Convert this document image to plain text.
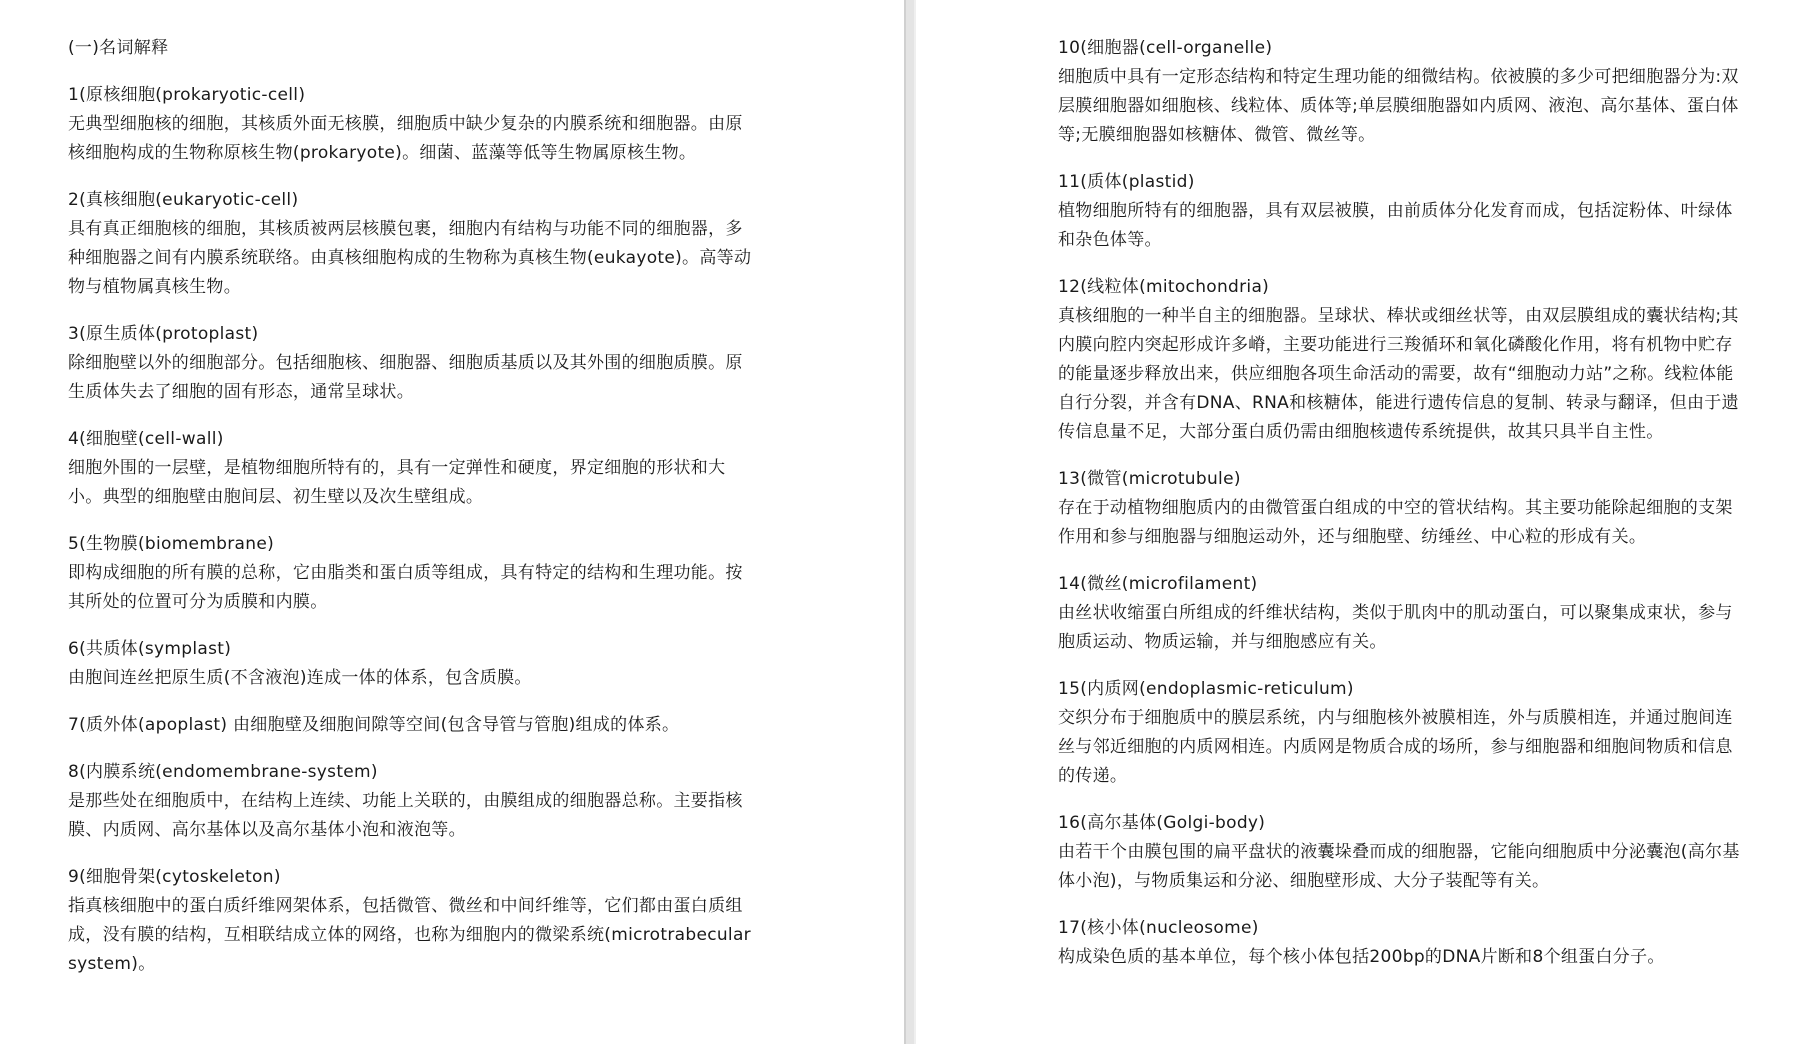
(一)名词解释
1(原核细胞(prokaryotic-cell)
无典型细胞核的细胞，其核质外面无核膜，细胞质中缺少复杂的内膜系统和细胞器。由原核细胞构成的生物称原核生物(prokaryote)。细菌、蓝藻等低等生物属原核生物。
2(真核细胞(eukaryotic-cell)
具有真正细胞核的细胞，其核质被两层核膜包裹，细胞内有结构与功能不同的细胞器，多种细胞器之间有内膜系统联络。由真核细胞构成的生物称为真核生物(eukayote)。高等动物与植物属真核生物。
3(原生质体(protoplast)
除细胞壁以外的细胞部分。包括细胞核、细胞器、细胞质基质以及其外围的细胞质膜。原生质体失去了细胞的固有形态，通常呈球状。
4(细胞壁(cell-wall)
细胞外围的一层壁，是植物细胞所特有的，具有一定弹性和硬度，界定细胞的形状和大小。典型的细胞壁由胞间层、初生壁以及次生壁组成。
5(生物膜(biomembrane)
即构成细胞的所有膜的总称，它由脂类和蛋白质等组成，具有特定的结构和生理功能。按其所处的位置可分为质膜和内膜。
6(共质体(symplast)
由胞间连丝把原生质(不含液泡)连成一体的体系，包含质膜。
7(质外体(apoplast) 由细胞壁及细胞间隙等空间(包含导管与管胞)组成的体系。
8(内膜系统(endomembrane-system)
是那些处在细胞质中，在结构上连续、功能上关联的，由膜组成的细胞器总称。主要指核膜、内质网、高尔基体以及高尔基体小泡和液泡等。
9(细胞骨架(cytoskeleton)
指真核细胞中的蛋白质纤维网架体系，包括微管、微丝和中间纤维等，它们都由蛋白质组成，没有膜的结构，互相联结成立体的网络，也称为细胞内的微梁系统(microtrabecular system)。
10(细胞器(cell-organelle)
细胞质中具有一定形态结构和特定生理功能的细微结构。依被膜的多少可把细胞器分为:双层膜细胞器如细胞核、线粒体、质体等;单层膜细胞器如内质网、液泡、高尔基体、蛋白体等;无膜细胞器如核糖体、微管、微丝等。
11(质体(plastid)
植物细胞所特有的细胞器，具有双层被膜，由前质体分化发育而成，包括淀粉体、叶绿体和杂色体等。
12(线粒体(mitochondria)
真核细胞的一种半自主的细胞器。呈球状、棒状或细丝状等，由双层膜组成的囊状结构;其内膜向腔内突起形成许多嵴，主要功能进行三羧循环和氧化磷酸化作用，将有机物中贮存的能量逐步释放出来，供应细胞各项生命活动的需要，故有“细胞动力站”之称。线粒体能自行分裂，并含有DNA、RNA和核糖体，能进行遗传信息的复制、转录与翻译，但由于遗传信息量不足，大部分蛋白质仍需由细胞核遗传系统提供，故其只具半自主性。
13(微管(microtubule)
存在于动植物细胞质内的由微管蛋白组成的中空的管状结构。其主要功能除起细胞的支架作用和参与细胞器与细胞运动外，还与细胞壁、纺缍丝、中心粒的形成有关。
14(微丝(microfilament)
由丝状收缩蛋白所组成的纤维状结构，类似于肌肉中的肌动蛋白，可以聚集成束状，参与胞质运动、物质运输，并与细胞感应有关。
15(内质网(endoplasmic-reticulum)
交织分布于细胞质中的膜层系统，内与细胞核外被膜相连，外与质膜相连，并通过胞间连丝与邻近细胞的内质网相连。内质网是物质合成的场所，参与细胞器和细胞间物质和信息的传递。
16(高尔基体(Golgi-body)
由若干个由膜包围的扁平盘状的液囊垛叠而成的细胞器，它能向细胞质中分泌囊泡(高尔基体小泡)，与物质集运和分泌、细胞壁形成、大分子装配等有关。
17(核小体(nucleosome)
构成染色质的基本单位，每个核小体包括200bp的DNA片断和8个组蛋白分子。
